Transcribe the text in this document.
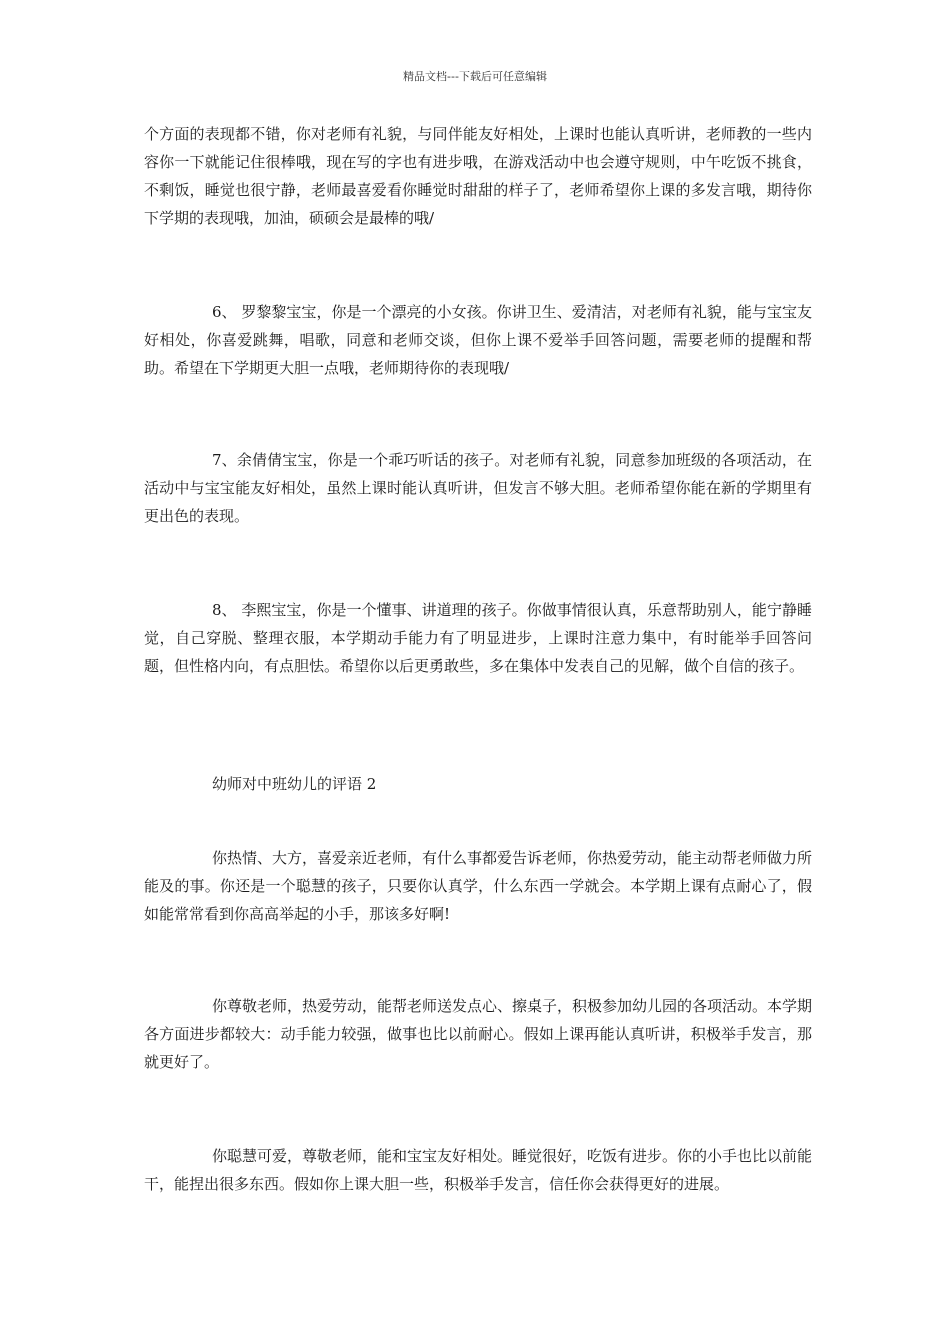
精品文档---下载后可任意编辑

个方面的表现都不错，你对老师有礼貌，与同伴能友好相处，上课时也能认真听讲，老师教的一些内容你一下就能记住很棒哦，现在写的字也有进步哦，在游戏活动中也会遵守规则，中午吃饭不挑食，不剩饭，睡觉也很宁静，老师最喜爱看你睡觉时甜甜的样子了，老师希望你上课的多发言哦，期待你下学期的表现哦，加油，硕硕会是最棒的哦/

6、 罗黎黎宝宝，你是一个漂亮的小女孩。你讲卫生、爱清洁，对老师有礼貌，能与宝宝友好相处，你喜爱跳舞，唱歌，同意和老师交谈，但你上课不爱举手回答问题，需要老师的提醒和帮助。希望在下学期更大胆一点哦，老师期待你的表现哦/

7、余倩倩宝宝，你是一个乖巧听话的孩子。对老师有礼貌，同意参加班级的各项活动，在活动中与宝宝能友好相处，虽然上课时能认真听讲，但发言不够大胆。老师希望你能在新的学期里有更出色的表现。

8、 李熙宝宝，你是一个懂事、讲道理的孩子。你做事情很认真，乐意帮助别人，能宁静睡觉，自己穿脱、整理衣服，本学期动手能力有了明显进步，上课时注意力集中，有时能举手回答问题，但性格内向，有点胆怯。希望你以后更勇敢些，多在集体中发表自己的见解，做个自信的孩子。

幼师对中班幼儿的评语 2

你热情、大方，喜爱亲近老师，有什么事都爱告诉老师，你热爱劳动，能主动帮老师做力所能及的事。你还是一个聪慧的孩子，只要你认真学，什么东西一学就会。本学期上课有点耐心了，假如能常常看到你高高举起的小手，那该多好啊!

你尊敬老师，热爱劳动，能帮老师送发点心、擦桌子，积极参加幼儿园的各项活动。本学期各方面进步都较大：动手能力较强，做事也比以前耐心。假如上课再能认真听讲，积极举手发言，那就更好了。

你聪慧可爱，尊敬老师，能和宝宝友好相处。睡觉很好，吃饭有进步。你的小手也比以前能干，能捏出很多东西。假如你上课大胆一些，积极举手发言，信任你会获得更好的进展。
